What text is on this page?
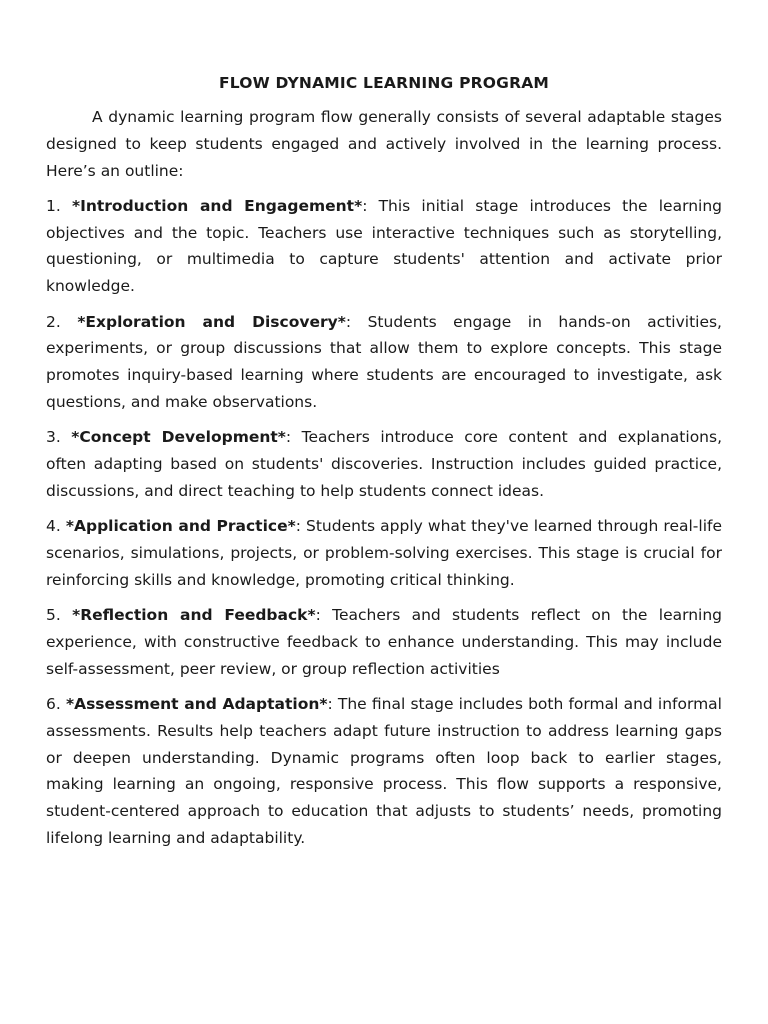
FLOW DYNAMIC LEARNING PROGRAM

A dynamic learning program flow generally consists of several adaptable stages designed to keep students engaged and actively involved in the learning process. Here’s an outline:

1. *Introduction and Engagement*: This initial stage introduces the learning objectives and the topic. Teachers use interactive techniques such as storytelling, questioning, or multimedia to capture students' attention and activate prior knowledge.

2. *Exploration and Discovery*: Students engage in hands-on activities, experiments, or group discussions that allow them to explore concepts. This stage promotes inquiry-based learning where students are encouraged to investigate, ask questions, and make observations.

3. *Concept Development*: Teachers introduce core content and explanations, often adapting based on students' discoveries. Instruction includes guided practice, discussions, and direct teaching to help students connect ideas.

4. *Application and Practice*: Students apply what they've learned through real-life scenarios, simulations, projects, or problem-solving exercises. This stage is crucial for reinforcing skills and knowledge, promoting critical thinking.

5. *Reflection and Feedback*: Teachers and students reflect on the learning experience, with constructive feedback to enhance understanding. This may include self-assessment, peer review, or group reflection activities

6. *Assessment and Adaptation*: The final stage includes both formal and informal assessments. Results help teachers adapt future instruction to address learning gaps or deepen understanding. Dynamic programs often loop back to earlier stages, making learning an ongoing, responsive process. This flow supports a responsive, student-centered approach to education that adjusts to students’ needs, promoting lifelong learning and adaptability.
